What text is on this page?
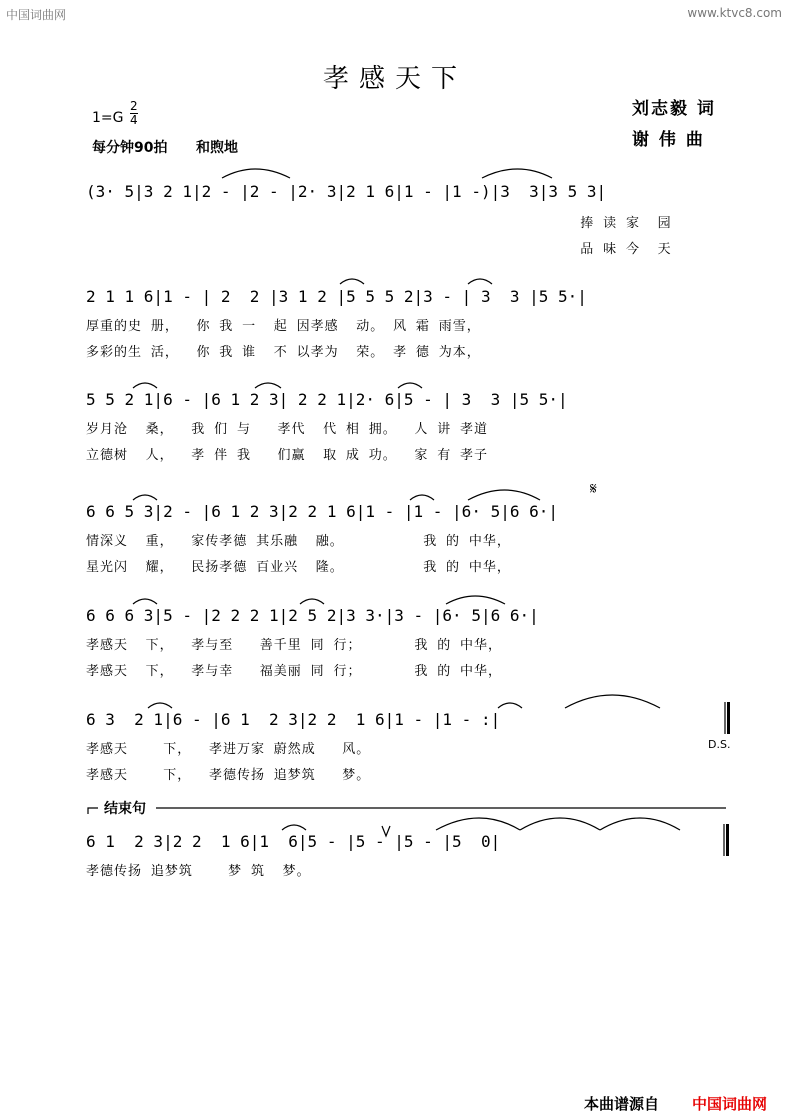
中国词曲网	www.ktvc8.com
孝感天下
$1=G \frac{2}{4}$
每分钟90拍 和煦地
刘志毅 词
谢 伟 曲
(3· 5|3 2 1|2 - |2 - |2· 3|2 1 6|1 - |1 -)|3  3|3 5 3|
捧 读 家  园
品 味 今  天
2 1 1 6|1 - | 2  2 |3 1 2 |5 5 5 2|3 - | 3  3 |5 5·|
厚重的史 册，  你 我 一  起 因孝感  动。 风 霜 雨雪，
多彩的生 活，  你 我 谁  不 以孝为  荣。 孝 德 为本，
5 5 2 1|6 - |6 1 2 3| 2 2 1|2· 6|5 - | 3  3 |5 5·|
岁月沧  桑，  我 们 与   孝代  代 相 拥。  人 讲 孝道
立德树  人，  孝 伴 我   们赢  取 成 功。  家 有 孝子
6 6 5 3|2 - |6 1 2 3|2 2 1 6|1 - |1 - |6· 5|6 6·|
情深义  重，  家传孝德 其乐融  融。         我 的 中华，
星光闪  耀，  民扬孝德 百业兴  隆。         我 的 中华，
6 6 6 3|5 - |2 2 2 1|2 5 2|3 3·|3 - |6· 5|6 6·|
孝感天  下，  孝与至   善千里 同 行；      我 的 中华，
孝感天  下，  孝与幸   福美丽 同 行；      我 的 中华，
6 3  2 1|6 - |6 1  2 3|2 2  1 6|1 - |1 - :|
孝感天    下，  孝进万家 蔚然成   风。
孝感天    下，  孝德传扬 追梦筑   梦。
D.S.
结束句
6 1  2 3|2 2  1 6|1  6|5 - |5 - |5 - |5  0|
孝德传扬 追梦筑    梦 筑  梦。
𝄋
本曲谱源自 中国词曲网
